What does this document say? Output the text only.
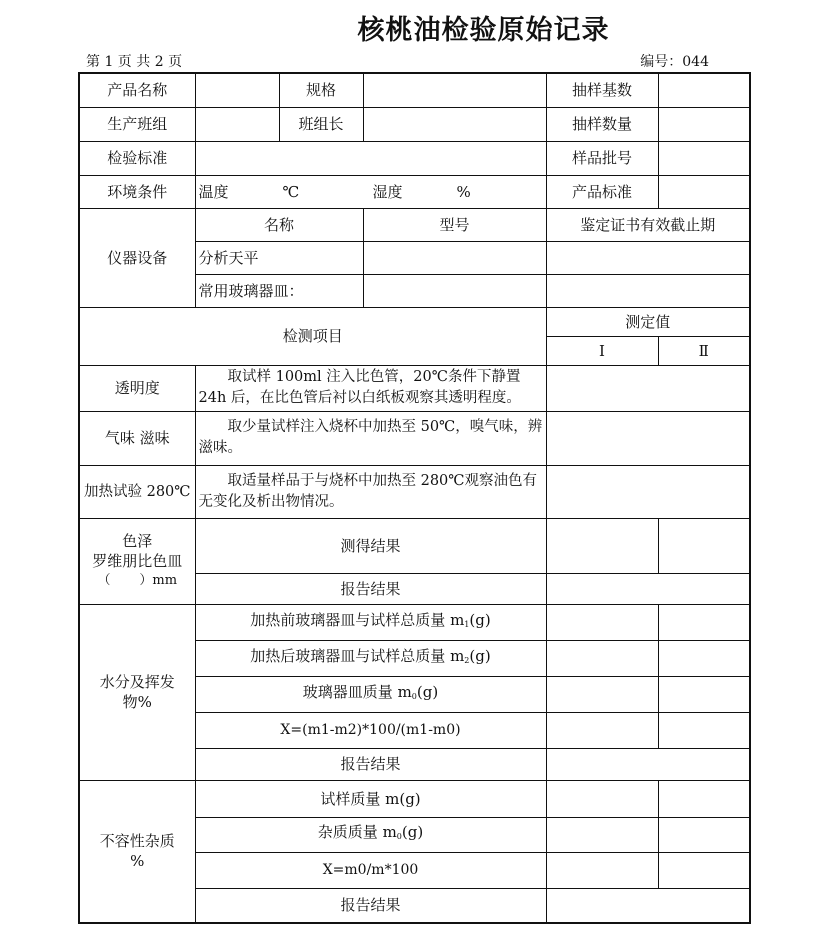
核桃油检验原始记录
第 1 页 共 2 页	编号：044
产品名称		规格		抽样基数	
生产班组		班组长		抽样数量	
检验标准				样品批号	
环境条件	温度 ℃ 湿度 %			产品标准	
仪器设备	名称		型号	鉴定证书有效截止期	
	分析天平				
	常用玻璃器皿：				
检测项目				测定值	
				Ⅰ	Ⅱ
透明度	取试样 100ml 注入比色管，20℃条件下静置 24h 后，在比色管后衬以白纸板观察其透明程度。				

气味 滋味	取少量试样注入烧杯中加热至 50℃，嗅气味，辨滋味。				

加热试验 280℃	取适量样品于与烧杯中加热至 280℃观察油色有无变化及析出物情况。				

色泽
罗维朋比色皿
（       ）mm	测得结果				
	报告结果				
水分及挥发物%	加热前玻璃器皿与试样总质量 $m_1(g)$				
	加热后玻璃器皿与试样总质量 $m_2(g)$				
	玻璃器皿质量 $m_0(g)$				
	X=(m1-m2)*100/(m1-m0)				
	报告结果				

不容性杂质
%	试样质量 m(g)				
	杂质质量 $m_0(g)$				
	X=m0/m*100				
	报告结果				
